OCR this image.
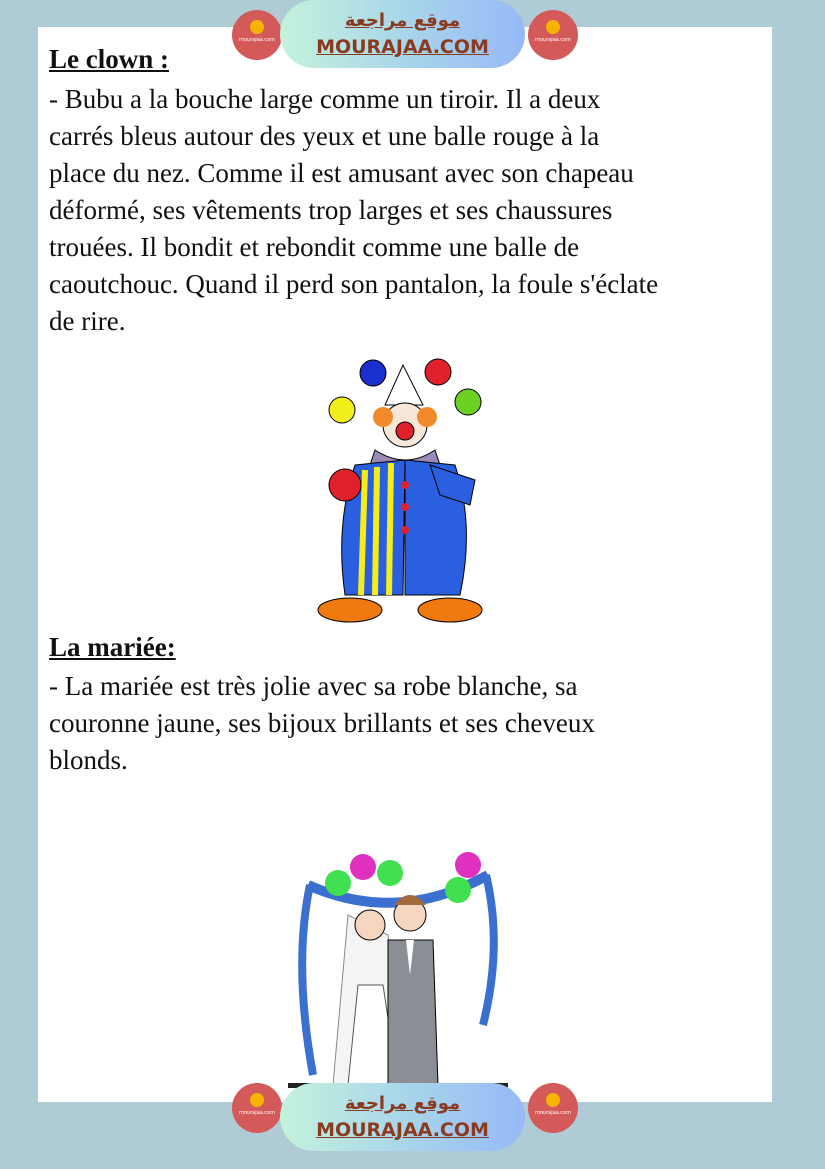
Le clown :
- Bubu a la bouche large comme un tiroir. Il a deux
carrés bleus autour des yeux et une balle rouge à la
place du nez. Comme il est amusant avec son chapeau
déformé, ses vêtements trop larges et ses chaussures
trouées. Il bondit et rebondit comme une balle de
caoutchouc. Quand il perd son pantalon, la foule s'éclate
de rire.
La mariée:
- La mariée est très jolie avec sa robe blanche, sa
couronne jaune, ses bijoux brillants et ses cheveux
blonds.
mourajaa.com
موقع مراجعة
MOURAJAA.COM	mourajaa.com
mourajaa.com	موقع مراجعة
MOURAJAA.COM
mourajaa.com
